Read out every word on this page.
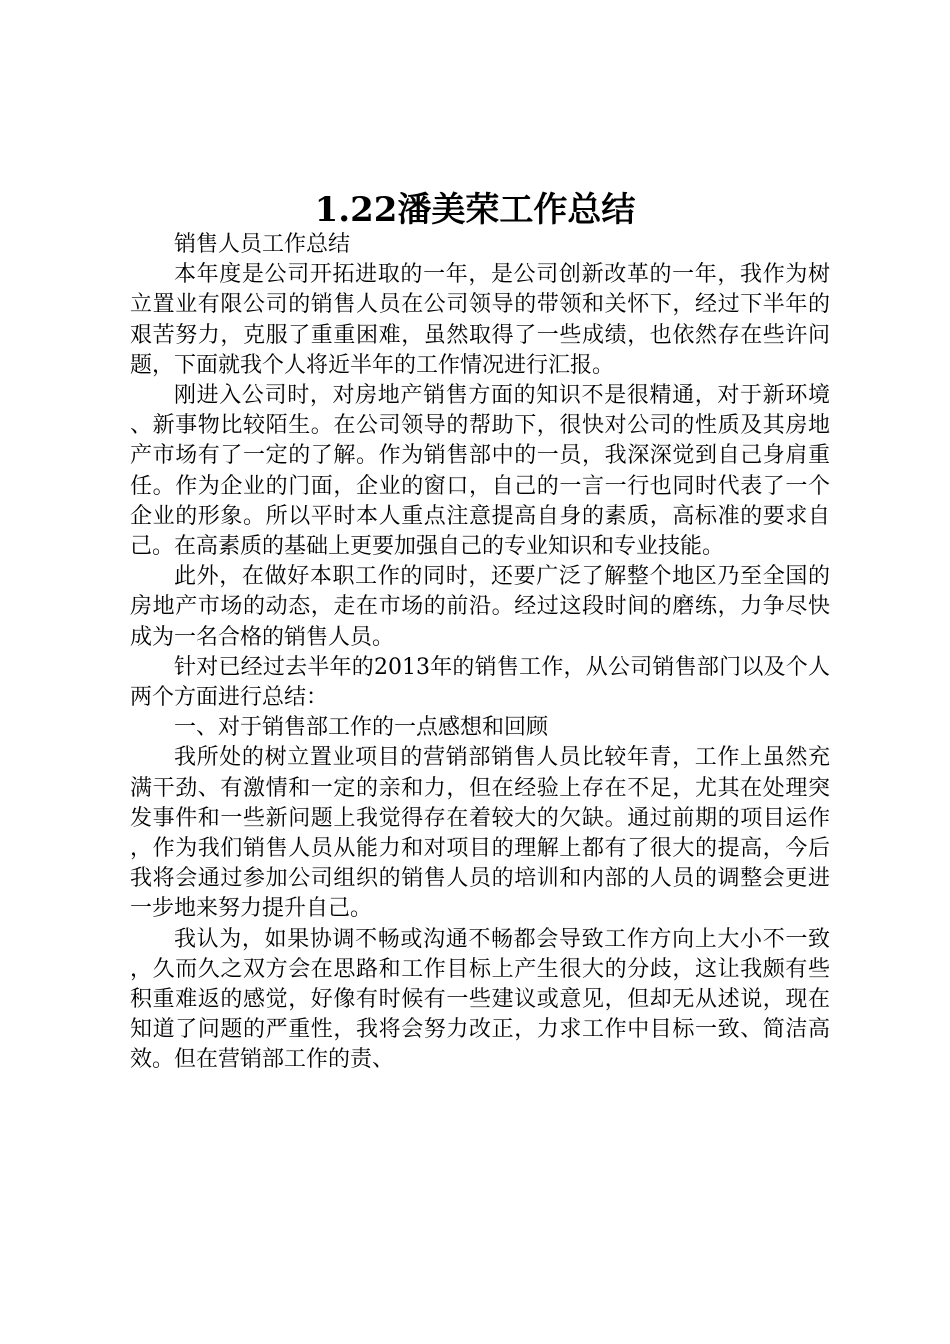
1.22潘美荣工作总结

销售人员工作总结

本年度是公司开拓进取的一年，是公司创新改革的一年，我作为树立置业有限公司的销售人员在公司领导的带领和关怀下，经过下半年的艰苦努力，克服了重重困难，虽然取得了一些成绩，也依然存在些许问题，下面就我个人将近半年的工作情况进行汇报。

刚进入公司时，对房地产销售方面的知识不是很精通，对于新环境、新事物比较陌生。在公司领导的帮助下，很快对公司的性质及其房地产市场有了一定的了解。作为销售部中的一员，我深深觉到自己身肩重任。作为企业的门面，企业的窗口，自己的一言一行也同时代表了一个企业的形象。所以平时本人重点注意提高自身的素质，高标准的要求自己。在高素质的基础上更要加强自己的专业知识和专业技能。

此外，在做好本职工作的同时，还要广泛了解整个地区乃至全国的房地产市场的动态，走在市场的前沿。经过这段时间的磨练，力争尽快成为一名合格的销售人员。

针对已经过去半年的2013年的销售工作，从公司销售部门以及个人两个方面进行总结：

一、对于销售部工作的一点感想和回顾

我所处的树立置业项目的营销部销售人员比较年青，工作上虽然充满干劲、有激情和一定的亲和力，但在经验上存在不足，尤其在处理突发事件和一些新问题上我觉得存在着较大的欠缺。通过前期的项目运作，作为我们销售人员从能力和对项目的理解上都有了很大的提高，今后我将会通过参加公司组织的销售人员的培训和内部的人员的调整会更进一步地来努力提升自己。

我认为，如果协调不畅或沟通不畅都会导致工作方向上大小不一致，久而久之双方会在思路和工作目标上产生很大的分歧，这让我颇有些积重难返的感觉，好像有时候有一些建议或意见，但却无从述说，现在知道了问题的严重性，我将会努力改正，力求工作中目标一致、简洁高效。但在营销部工作的责、
